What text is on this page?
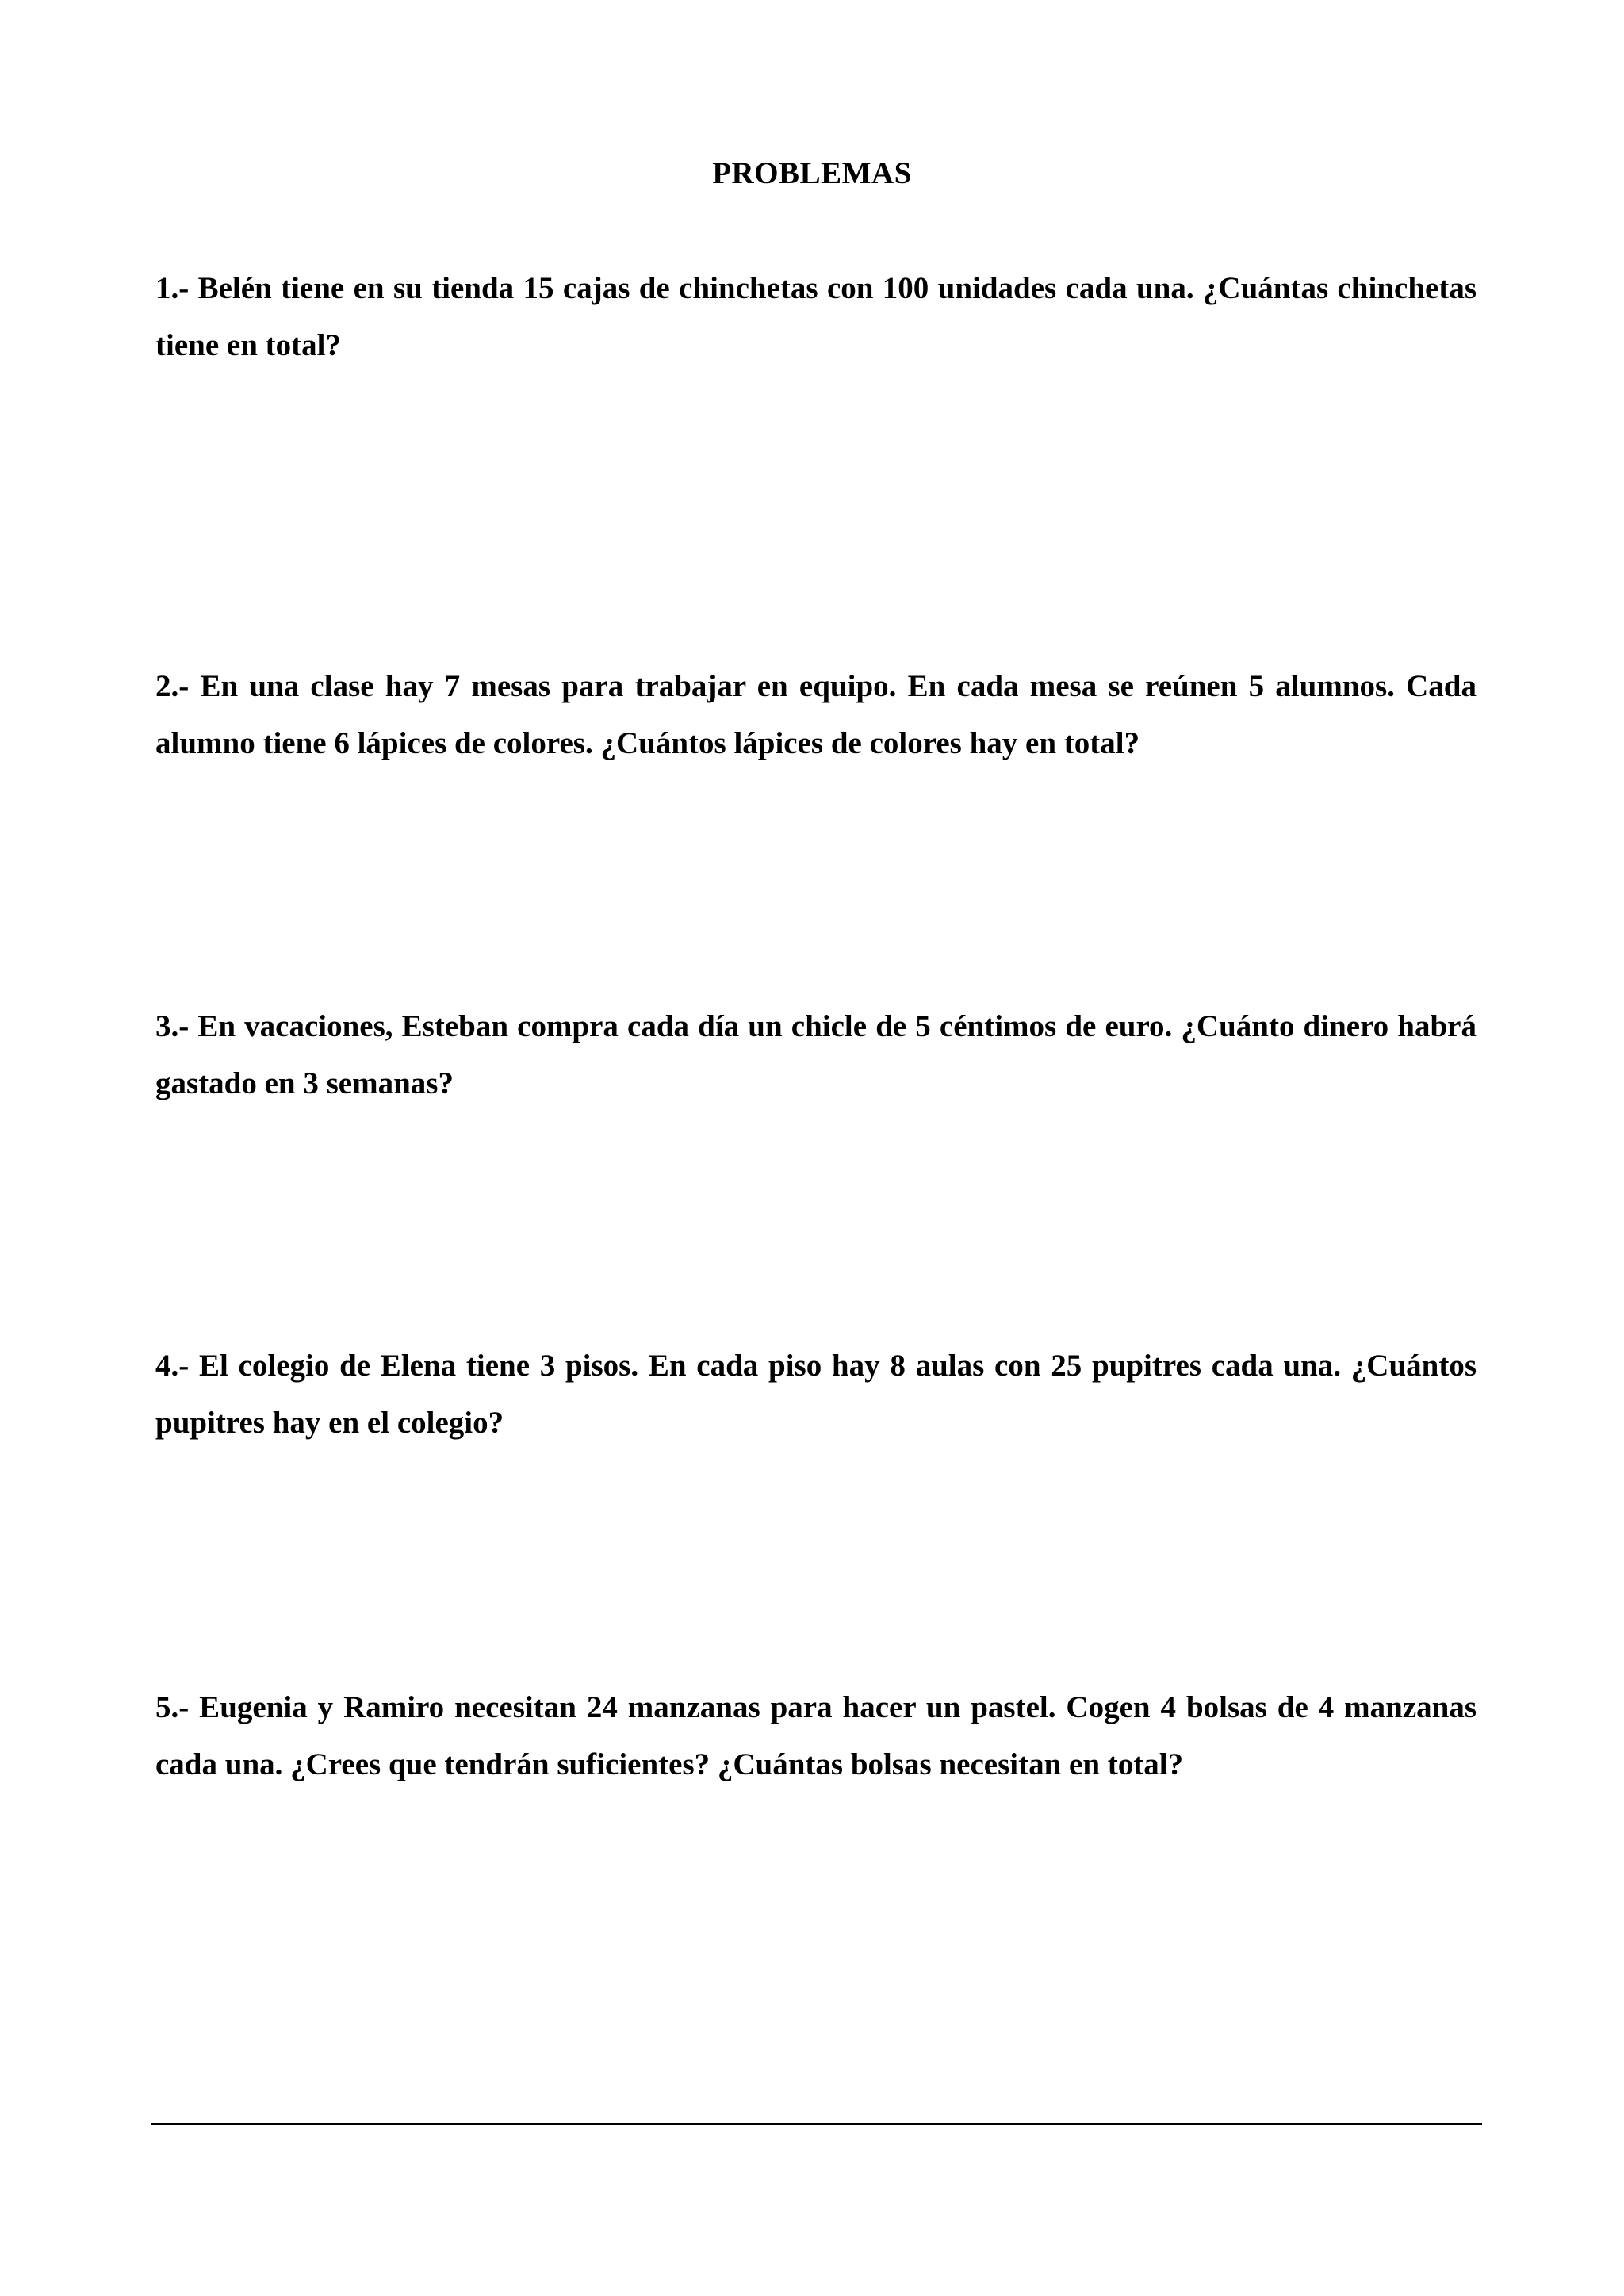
PROBLEMAS

1.- Belén tiene en su tienda 15 cajas de chinchetas con 100 unidades cada una. ¿Cuántas chinchetas tiene en total?

2.- En una clase hay 7 mesas para trabajar en equipo. En cada mesa se reúnen 5 alumnos. Cada alumno tiene 6 lápices de colores. ¿Cuántos lápices de colores hay en total?

3.- En vacaciones, Esteban compra cada día un chicle de 5 céntimos de euro. ¿Cuánto dinero habrá gastado en 3 semanas?

4.- El colegio de Elena tiene 3 pisos. En cada piso hay 8 aulas con 25 pupitres cada una. ¿Cuántos pupitres hay en el colegio?

5.- Eugenia y Ramiro necesitan 24 manzanas para hacer un pastel. Cogen 4 bolsas de 4 manzanas cada una. ¿Crees que tendrán suficientes? ¿Cuántas bolsas necesitan en total?
